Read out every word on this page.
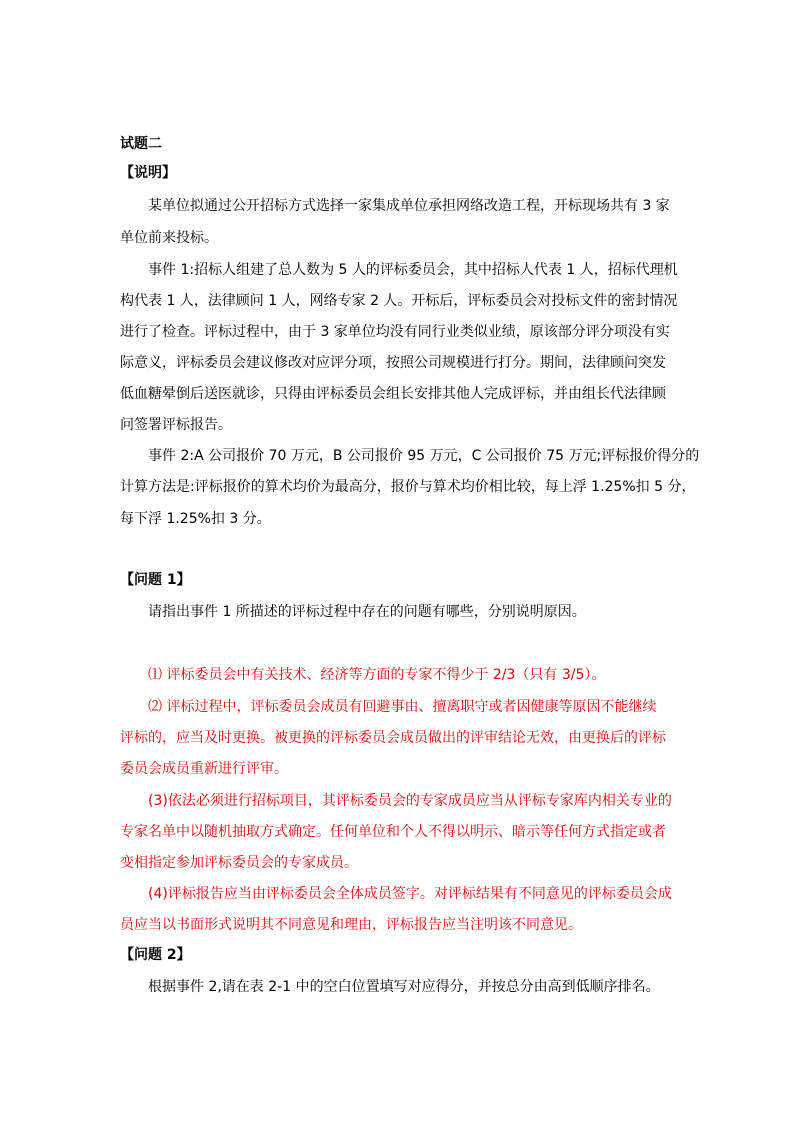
试题二
【说明】
某单位拟通过公开招标方式选择一家集成单位承担网络改造工程，开标现场共有 3 家
单位前来投标。
事件 1:招标人组建了总人数为 5 人的评标委员会，其中招标人代表 1 人，招标代理机
构代表 1 人，法律顾问 1 人，网络专家 2 人。开标后，评标委员会对投标文件的密封情况
进行了检查。评标过程中，由于 3 家单位均没有同行业类似业绩，原该部分评分项没有实
际意义，评标委员会建议修改对应评分项，按照公司规模进行打分。期间，法律顾问突发
低血糖晕倒后送医就诊，只得由评标委员会组长安排其他人完成评标，并由组长代法律顾
问签署评标报告。
事件 2:A 公司报价 70 万元，B 公司报价 95 万元，C 公司报价 75 万元;评标报价得分的
计算方法是:评标报价的算术均价为最高分，报价与算术均价相比较，每上浮 1.25%扣 5 分，
每下浮 1.25%扣 3 分。
【问题 1】
请指出事件 1 所描述的评标过程中存在的问题有哪些，分别说明原因。
⑴ 评标委员会中有关技术、经济等方面的专家不得少于 2/3（只有 3/5）。
⑵ 评标过程中，评标委员会成员有回避事由、擅离职守或者因健康等原因不能继续
评标的，应当及时更换。被更换的评标委员会成员做出的评审结论无效，由更换后的评标
委员会成员重新进行评审。
(3)依法必须进行招标项目，其评标委员会的专家成员应当从评标专家库内相关专业的
专家名单中以随机抽取方式确定。任何单位和个人不得以明示、暗示等任何方式指定或者
变相指定参加评标委员会的专家成员。
(4)评标报告应当由评标委员会全体成员签字。对评标结果有不同意见的评标委员会成
员应当以书面形式说明其不同意见和理由，评标报告应当注明该不同意见。
【问题 2】
根据事件 2,请在表 2-1 中的空白位置填写对应得分，并按总分由高到低顺序排名。
